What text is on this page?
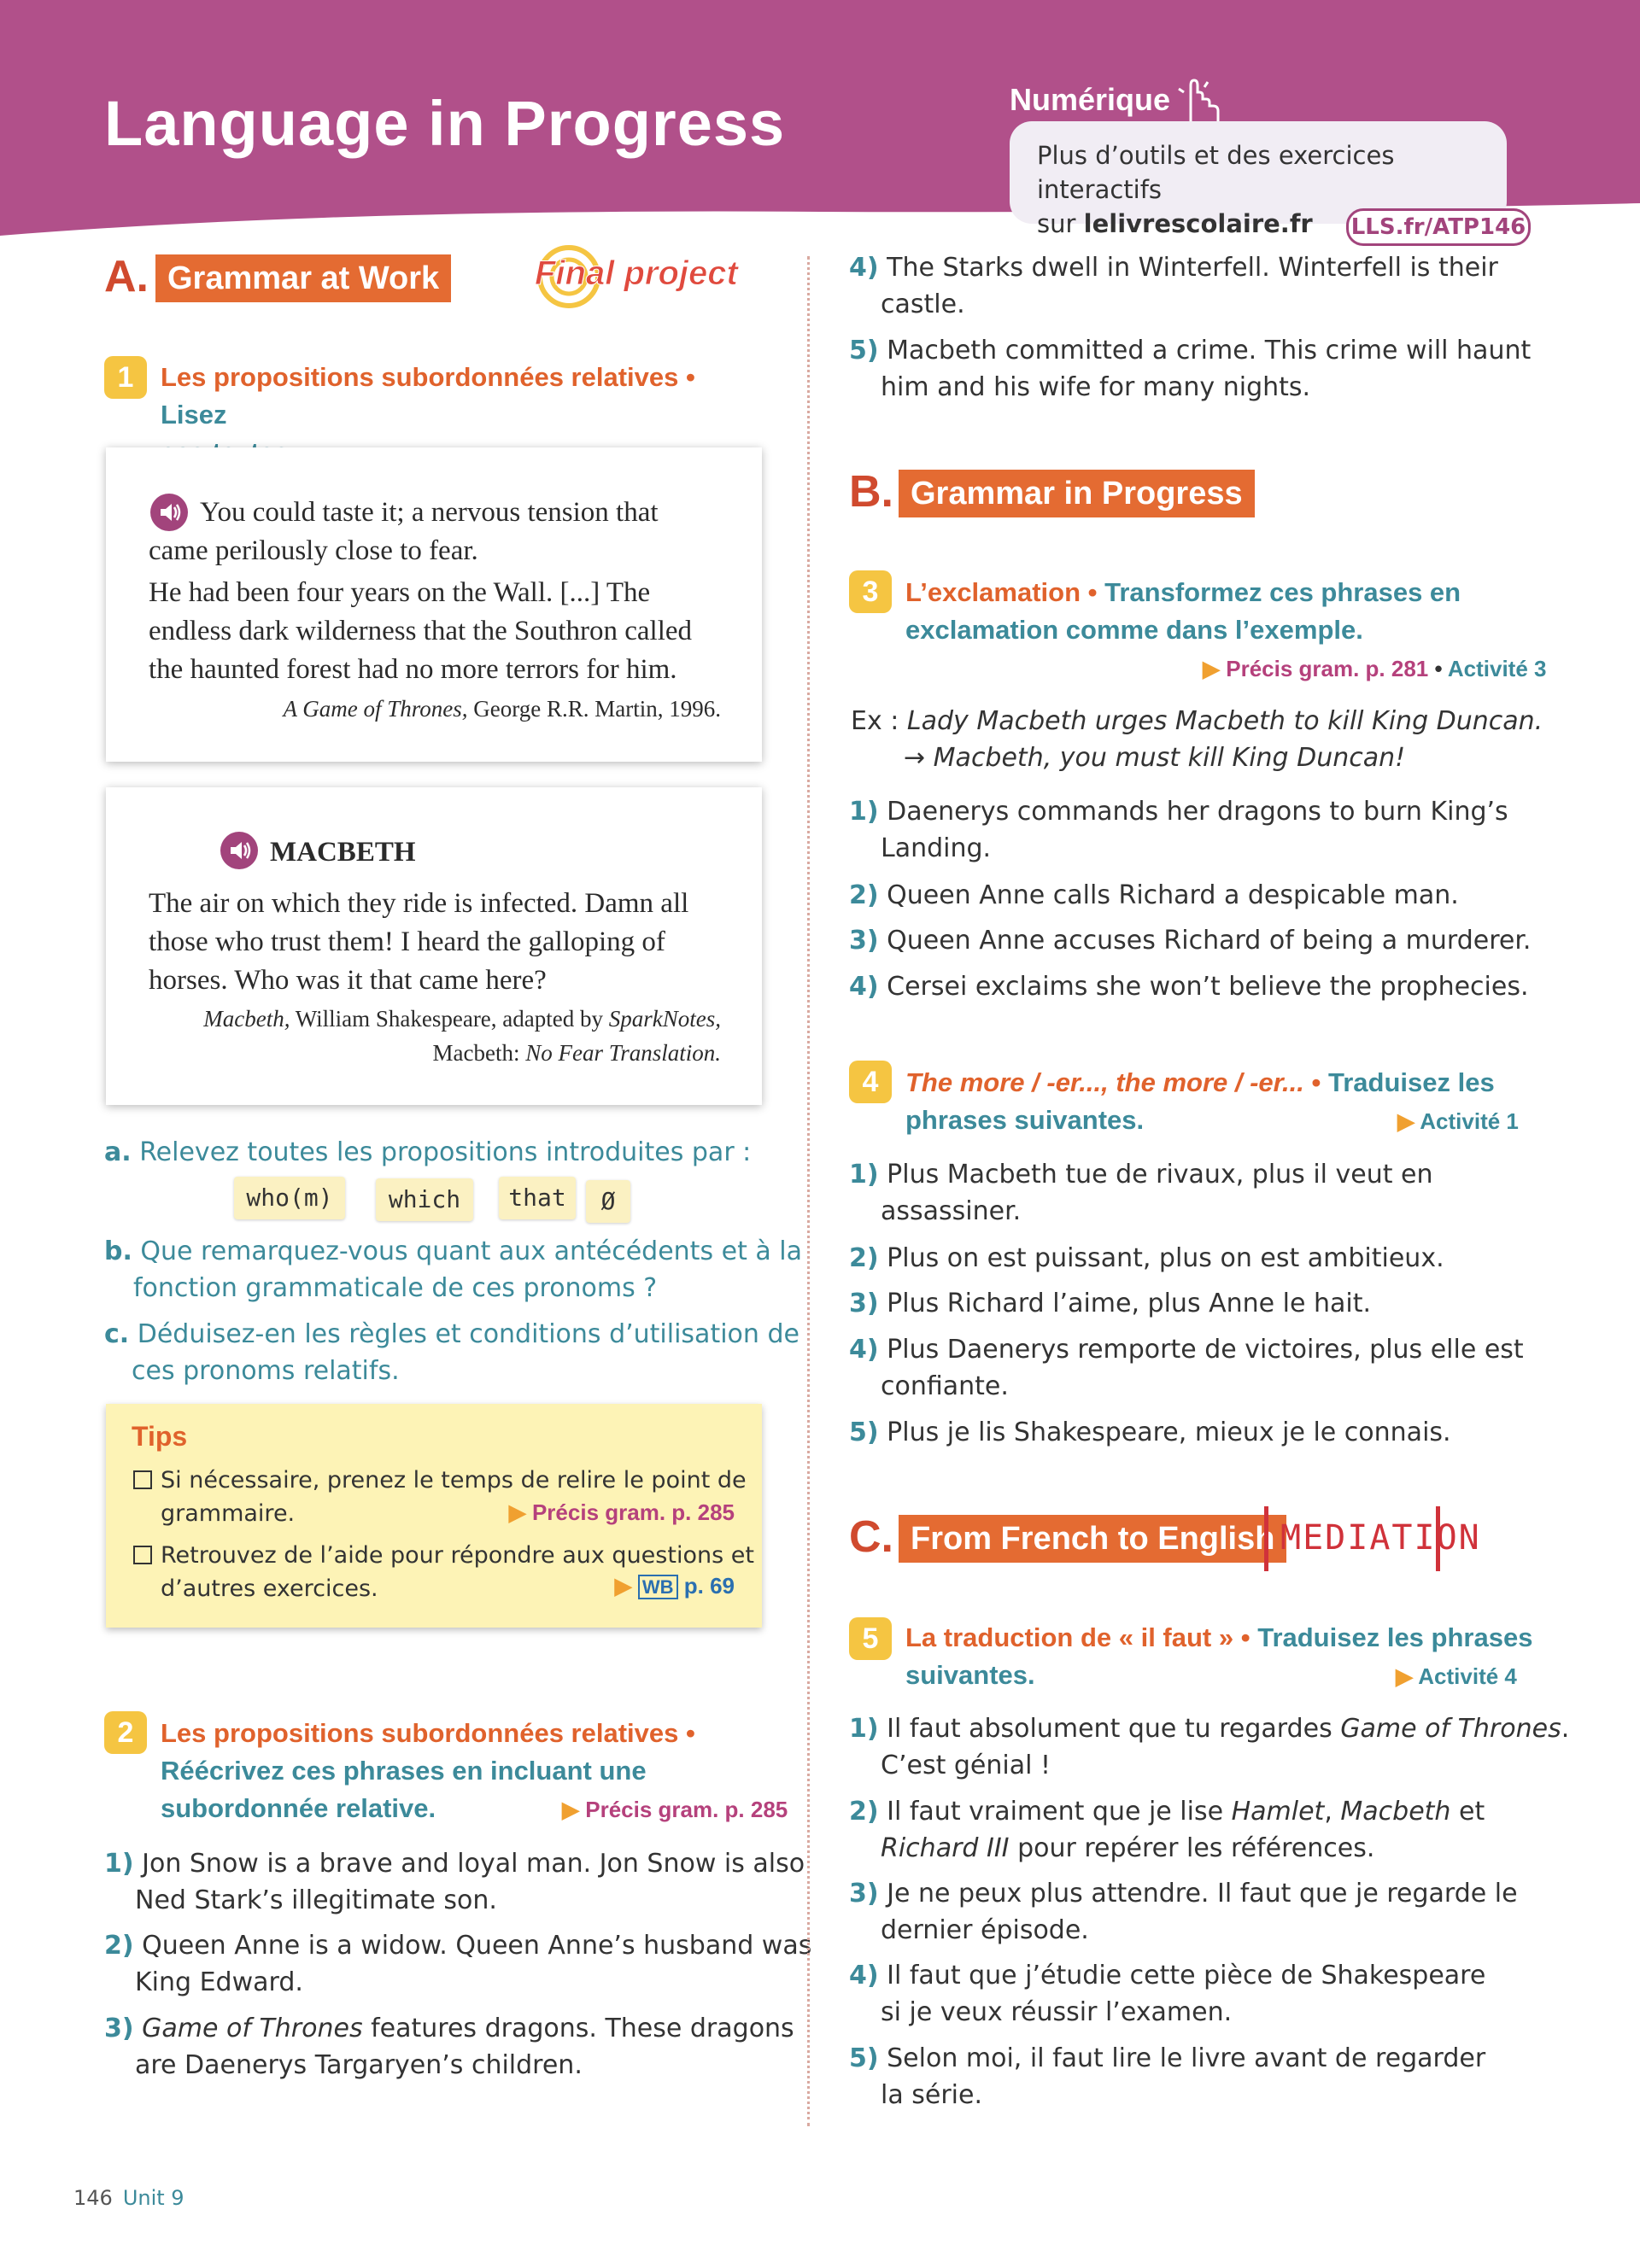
Language in Progress	Numérique
Plus d’outils et des exercices interactifs
sur lelivrescolaire.fr	LLS.fr/ATP146
A. Grammar at Work	Final project
1	Les propositions subordonnées relatives • Lisez

You could taste it; a nervous tension that
came perilously close to fear.
He had been four years on the Wall. [...] The
endless dark wilderness that the Southron called
the haunted forest had no more terrors for him.
A Game of Thrones, George R.R. Martin, 1996.
MACBETH
The air on which they ride is infected. Damn all
those who trust them! I heard the galloping of
horses. Who was it that came here?
Macbeth, William Shakespeare, adapted by SparkNotes,
Macbeth: No Fear Translation.
a. Relevez toutes les propositions introduites par :
who(m)	which	that	Ø
b. Que remarquez-vous quant aux antécédents et à la
fonction grammaticale de ces pronoms ?
c. Déduisez-en les règles et conditions d’utilisation de
ces pronoms relatifs.
Tips
Si nécessaire, prenez le temps de relire le point de
grammaire.	▶ Précis gram. p. 285
Retrouvez de l’aide pour répondre aux questions et
d’autres exercices.	▶ WB p. 69
2	Les propositions subordonnées relatives •
Réécrivez ces phrases en incluant une
subordonnée relative.	▶ Précis gram. p. 285
1) Jon Snow is a brave and loyal man. Jon Snow is also
Ned Stark’s illegitimate son.
2) Queen Anne is a widow. Queen Anne’s husband was
King Edward.
3) Game of Thrones features dragons. These dragons
are Daenerys Targaryen’s children.
4) The Starks dwell in Winterfell. Winterfell is their
castle.
5) Macbeth committed a crime. This crime will haunt
him and his wife for many nights.
B. Grammar in Progress
3	L’exclamation • Transformez ces phrases en
exclamation comme dans l’exemple.
▶ Précis gram. p. 281 • Activité 3
Ex : Lady Macbeth urges Macbeth to kill King Duncan.
→ Macbeth, you must kill King Duncan!
1) Daenerys commands her dragons to burn King’s
Landing.
2) Queen Anne calls Richard a despicable man.
3) Queen Anne accuses Richard of being a murderer.
4) Cersei exclaims she won’t believe the prophecies.
4	The more / -er..., the more / -er... • Traduisez les
phrases suivantes.	▶ Activité 1
1) Plus Macbeth tue de rivaux, plus il veut en
assassiner.
2) Plus on est puissant, plus on est ambitieux.
3) Plus Richard l’aime, plus Anne le hait.
4) Plus Daenerys remporte de victoires, plus elle est
confiante.
5) Plus je lis Shakespeare, mieux je le connais.
C. From French to English MEDIATION
5	La traduction de « il faut » • Traduisez les phrases
suivantes.	▶ Activité 4
1) Il faut absolument que tu regardes Game of Thrones.
C’est génial !
2) Il faut vraiment que je lise Hamlet, Macbeth et
Richard III pour repérer les références.
3) Je ne peux plus attendre. Il faut que je regarde le
dernier épisode.
4) Il faut que j’étudie cette pièce de Shakespeare
si je veux réussir l’examen.
5) Selon moi, il faut lire le livre avant de regarder
la série.
146 Unit 9
